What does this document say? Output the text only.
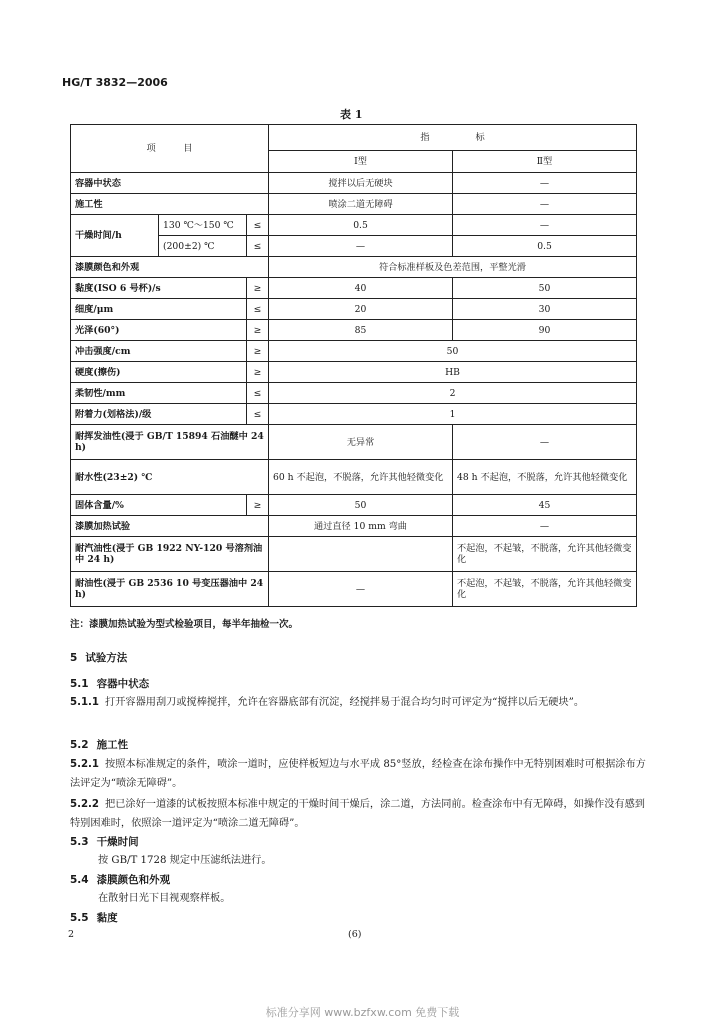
HG/T 3832—2006
表 1
项　　　目			指　　　　　标	
			Ⅰ型	Ⅱ型
容器中状态			搅拌以后无硬块	—
施工性			喷涂二道无障碍	—
干燥时间/h	130 ℃～150 ℃	≤	0.5	—
	(200±2) ℃	≤	—	0.5
漆膜颜色和外观			符合标准样板及色差范围，平整光滑	
黏度(ISO 6 号杯)/s		≥	40	50
细度/μm		≤	20	30
光泽(60°)		≥	85	90
冲击强度/cm		≥	50	
硬度(擦伤)		≥	HB	
柔韧性/mm		≤	2	
附着力(划格法)/级		≤	1	
耐挥发油性(浸于 GB/T 15894 石油醚中 24 h)			无异常	—
耐水性(23±2) ℃			60 h 不起泡，不脱落，允许其他轻微变化	48 h 不起泡，不脱落，允许其他轻微变化
固体含量/%		≥	50	45
漆膜加热试验			通过直径 10 mm 弯曲	—
耐汽油性(浸于 GB 1922 NY-120 号溶剂油中 24 h)				不起泡，不起皱，不脱落，允许其他轻微变化
耐油性(浸于 GB 2536 10 号变压器油中 24 h)			—	不起泡，不起皱，不脱落，允许其他轻微变化
注：漆膜加热试验为型式检验项目，每半年抽检一次。
5 试验方法
5.1 容器中状态
5.1.1 打开容器用刮刀或搅棒搅拌，允许在容器底部有沉淀，经搅拌易于混合均匀时可评定为“搅拌以后无硬块”。
5.2 施工性
5.2.1 按照本标准规定的条件，喷涂一道时，应使样板短边与水平成 85°竖放，经检查在涂布操作中无特别困难时可根据涂布方法评定为“喷涂无障碍”。
5.2.2 把已涂好一道漆的试板按照本标准中规定的干燥时间干燥后，涂二道，方法同前。检查涂布中有无障碍，如操作没有感到特别困难时，依照涂一道评定为“喷涂二道无障碍”。
5.3 干燥时间
按 GB/T 1728 规定中压滤纸法进行。
5.4 漆膜颜色和外观
在散射日光下目视观察样板。
5.5 黏度
2	(6)
标准分享网 www.bzfxw.com 免费下载
